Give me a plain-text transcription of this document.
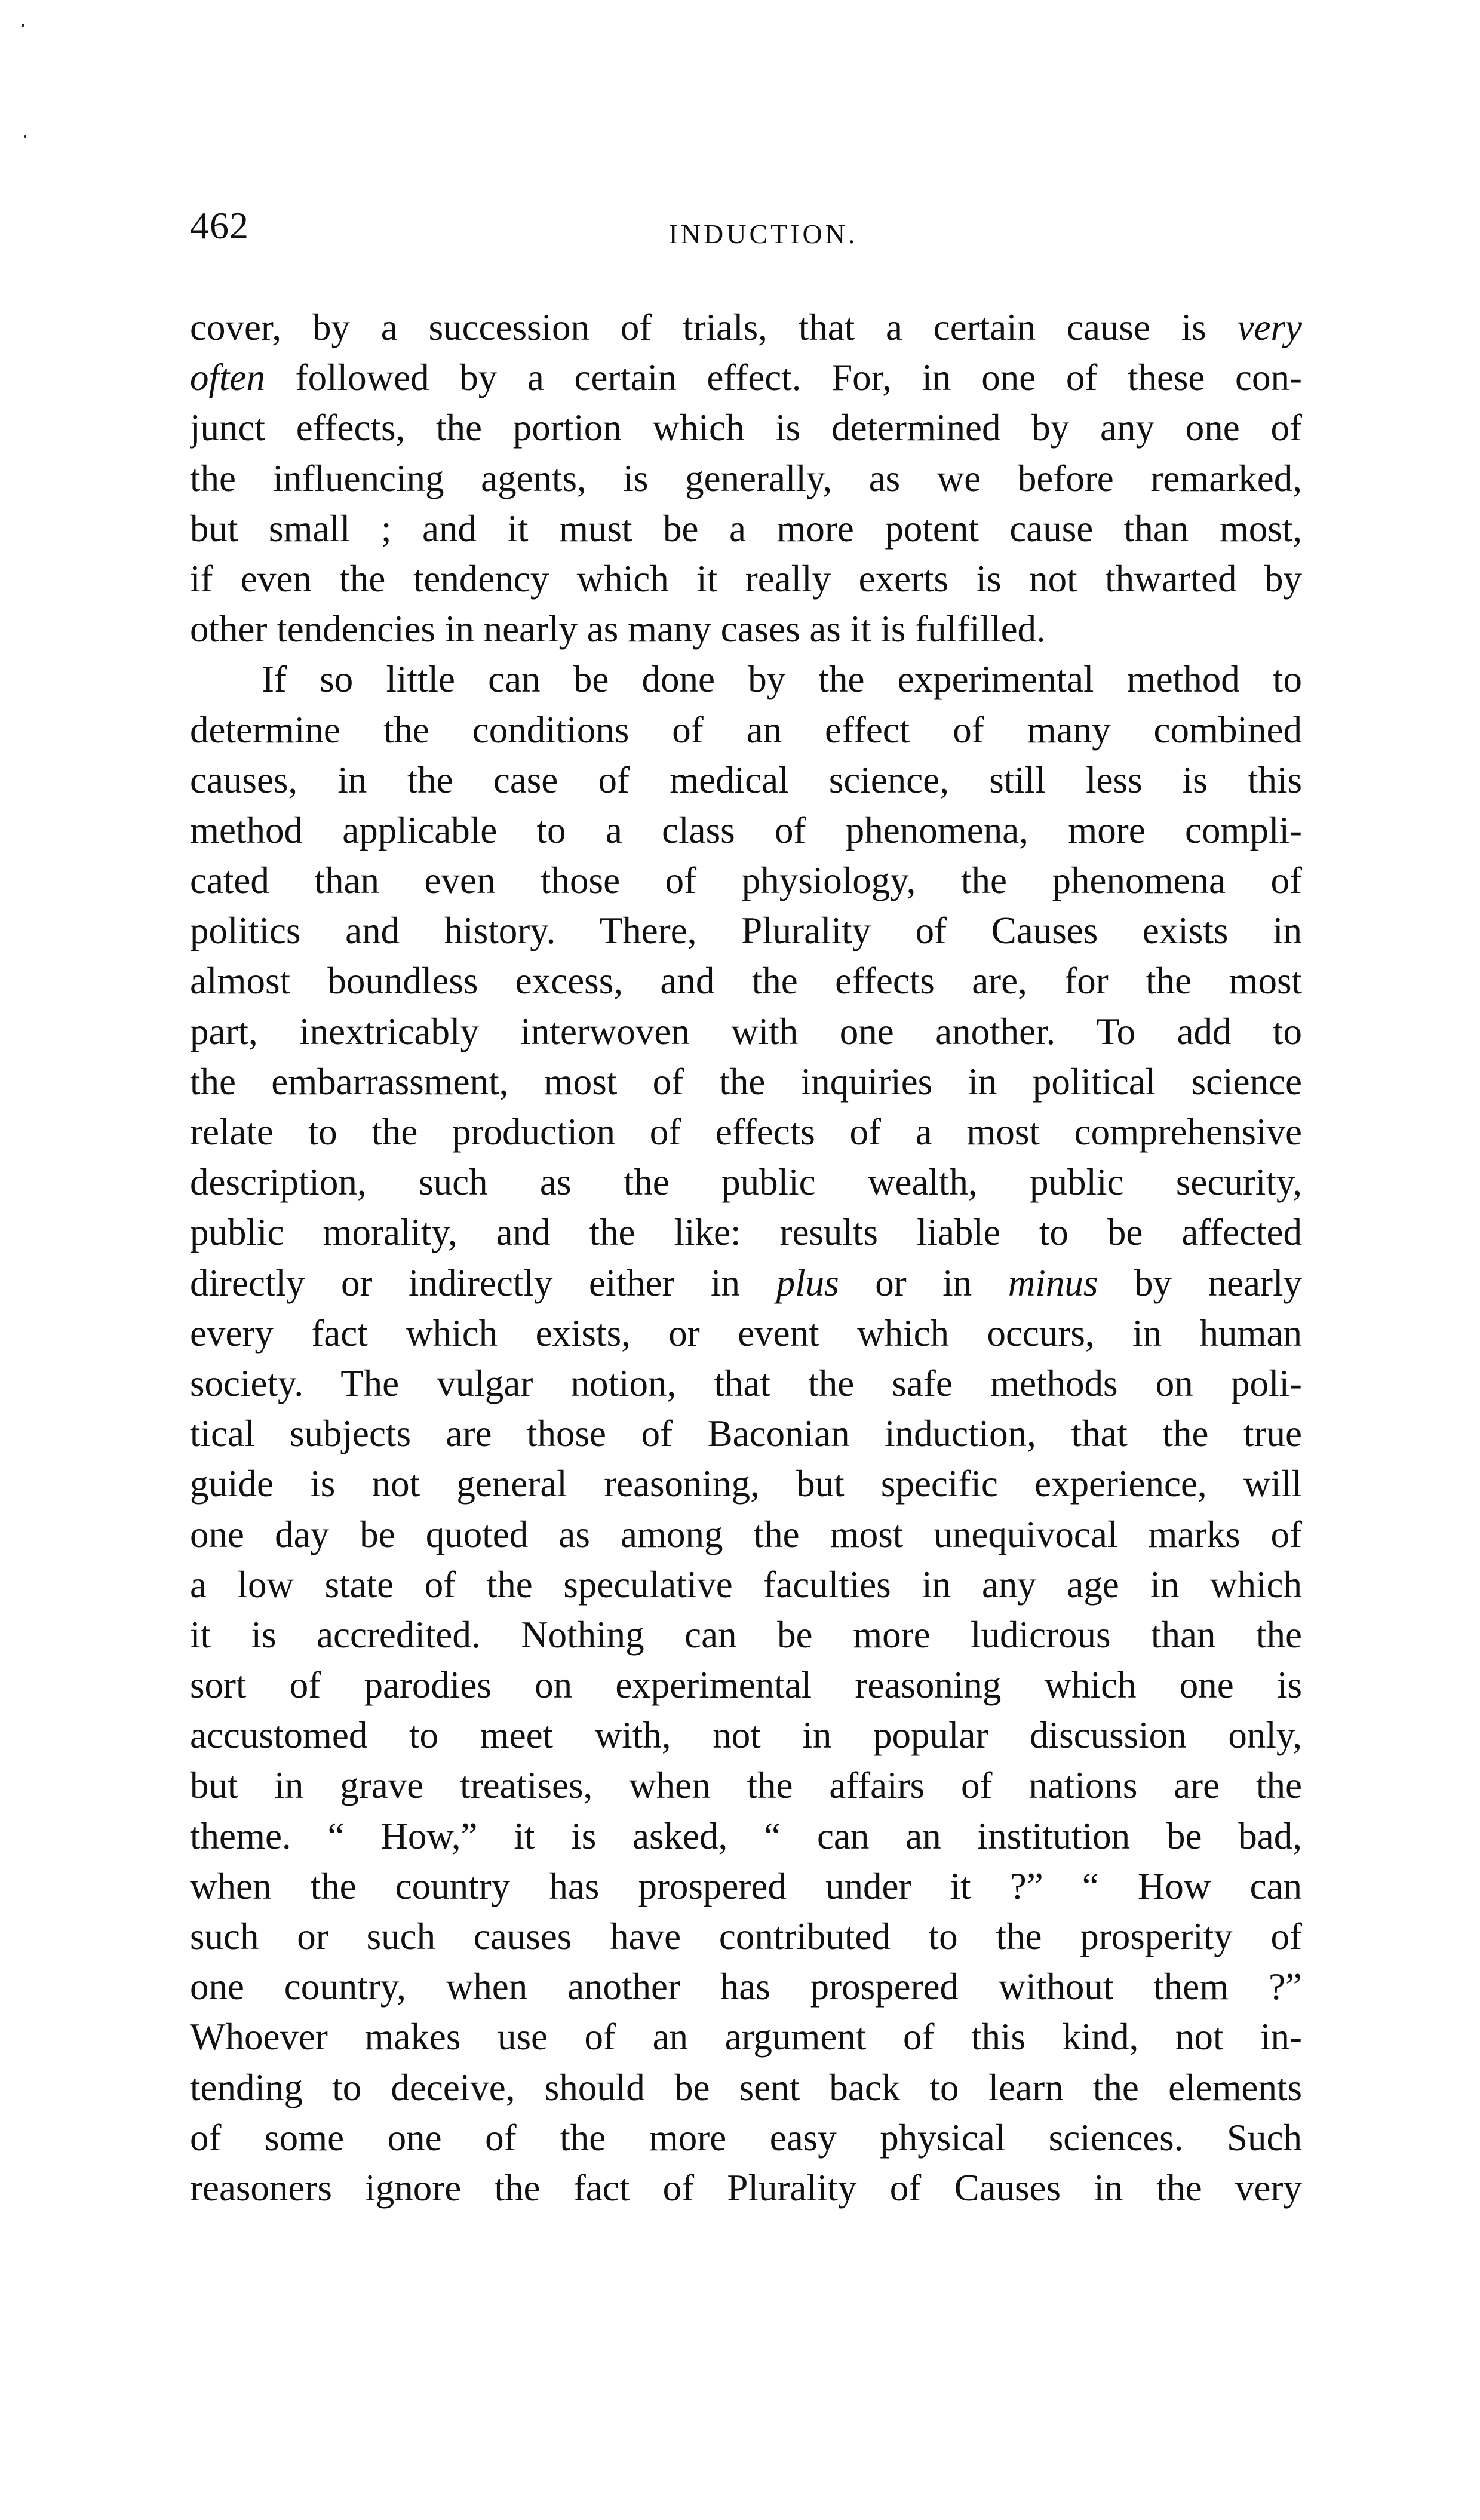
462	INDUCTION.
cover, by a succession of trials, that a certain cause is very
often followed by a certain effect. For, in one of these con-
junct effects, the portion which is determined by any one of
the influencing agents, is generally, as we before remarked,
but small ; and it must be a more potent cause than most,
if even the tendency which it really exerts is not thwarted by
other tendencies in nearly as many cases as it is fulfilled.
If so little can be done by the experimental method to
determine the conditions of an effect of many combined
causes, in the case of medical science, still less is this
method applicable to a class of phenomena, more compli-
cated than even those of physiology, the phenomena of
politics and history. There, Plurality of Causes exists in
almost boundless excess, and the effects are, for the most
part, inextricably interwoven with one another. To add to
the embarrassment, most of the inquiries in political science
relate to the production of effects of a most comprehensive
description, such as the public wealth, public security,
public morality, and the like: results liable to be affected
directly or indirectly either in plus or in minus by nearly
every fact which exists, or event which occurs, in human
society. The vulgar notion, that the safe methods on poli-
tical subjects are those of Baconian induction, that the true
guide is not general reasoning, but specific experience, will
one day be quoted as among the most unequivocal marks of
a low state of the speculative faculties in any age in which
it is accredited. Nothing can be more ludicrous than the
sort of parodies on experimental reasoning which one is
accustomed to meet with, not in popular discussion only,
but in grave treatises, when the affairs of nations are the
theme. “ How,” it is asked, “ can an institution be bad,
when the country has prospered under it ?” “ How can
such or such causes have contributed to the prosperity of
one country, when another has prospered without them ?”
Whoever makes use of an argument of this kind, not in-
tending to deceive, should be sent back to learn the elements
of some one of the more easy physical sciences. Such
reasoners ignore the fact of Plurality of Causes in the very
